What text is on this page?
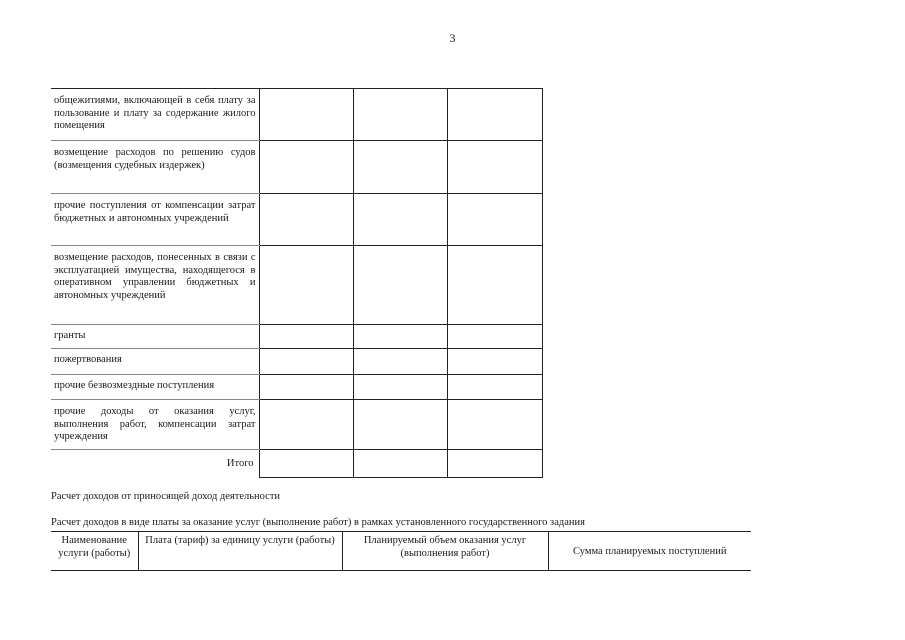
3
общежитиями, включающей в себя плату за пользование и плату за содержание жилого помещения			
возмещение расходов по решению судов (возмещения судебных издержек)			
прочие поступления от компенсации затрат бюджетных и автономных учреждений			
возмещение расходов, понесенных в связи с эксплуатацией имущества, находящегося в оперативном управлении бюджетных и автономных учреждений			
гранты			
пожертвования			
прочие безвозмездные поступления			
прочие доходы от оказания услуг, выполнения работ, компенсации затрат учреждения			
Итого			
Расчет доходов от приносящей доход деятельности
Расчет доходов в виде платы за оказание услуг (выполнение работ) в рамках установленного государственного задания
Наименование услуги (работы)	Плата (тариф) за единицу услуги (работы)	Планируемый объем оказания услуг (выполнения работ)	Сумма планируемых поступлений
